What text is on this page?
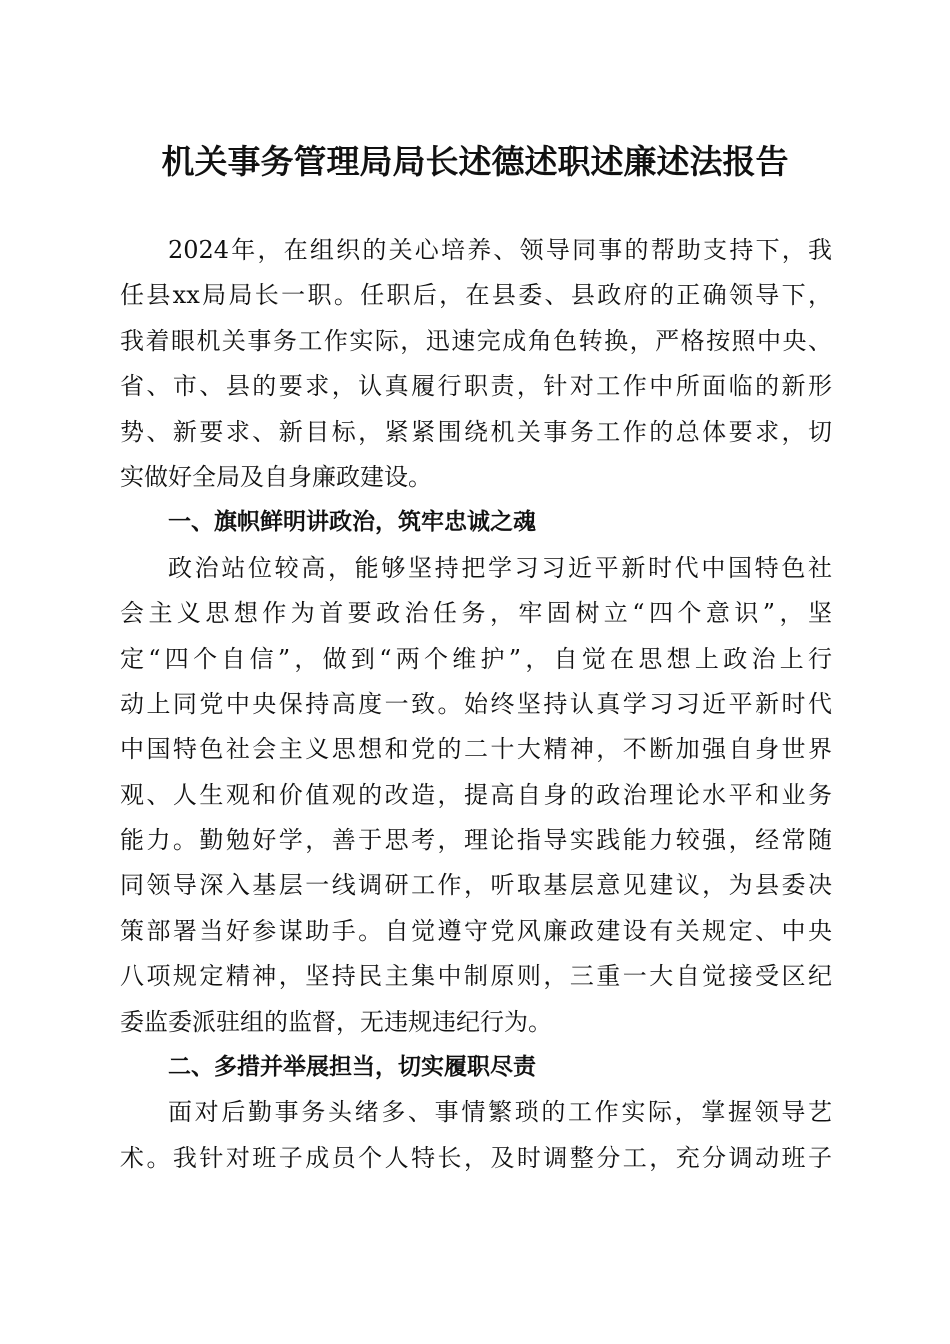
机关事务管理局局长述德述职述廉述法报告
2024年，在组织的关心培养、领导同事的帮助支持下，我
任县xx局局长一职。任职后，在县委、县政府的正确领导下，
我着眼机关事务工作实际，迅速完成角色转换，严格按照中央、
省、市、县的要求，认真履行职责，针对工作中所面临的新形
势、新要求、新目标，紧紧围绕机关事务工作的总体要求，切
实做好全局及自身廉政建设。
一、旗帜鲜明讲政治，筑牢忠诚之魂
政治站位较高，能够坚持把学习习近平新时代中国特色社
会主义思想作为首要政治任务，牢固树立“四个意识”，坚
定“四个自信”，做到“两个维护”，自觉在思想上政治上行
动上同党中央保持高度一致。始终坚持认真学习习近平新时代
中国特色社会主义思想和党的二十大精神，不断加强自身世界
观、人生观和价值观的改造，提高自身的政治理论水平和业务
能力。勤勉好学，善于思考，理论指导实践能力较强，经常随
同领导深入基层一线调研工作，听取基层意见建议，为县委决
策部署当好参谋助手。自觉遵守党风廉政建设有关规定、中央
八项规定精神，坚持民主集中制原则，三重一大自觉接受区纪
委监委派驻组的监督，无违规违纪行为。
二、多措并举展担当，切实履职尽责
面对后勤事务头绪多、事情繁琐的工作实际，掌握领导艺
术。我针对班子成员个人特长，及时调整分工，充分调动班子
